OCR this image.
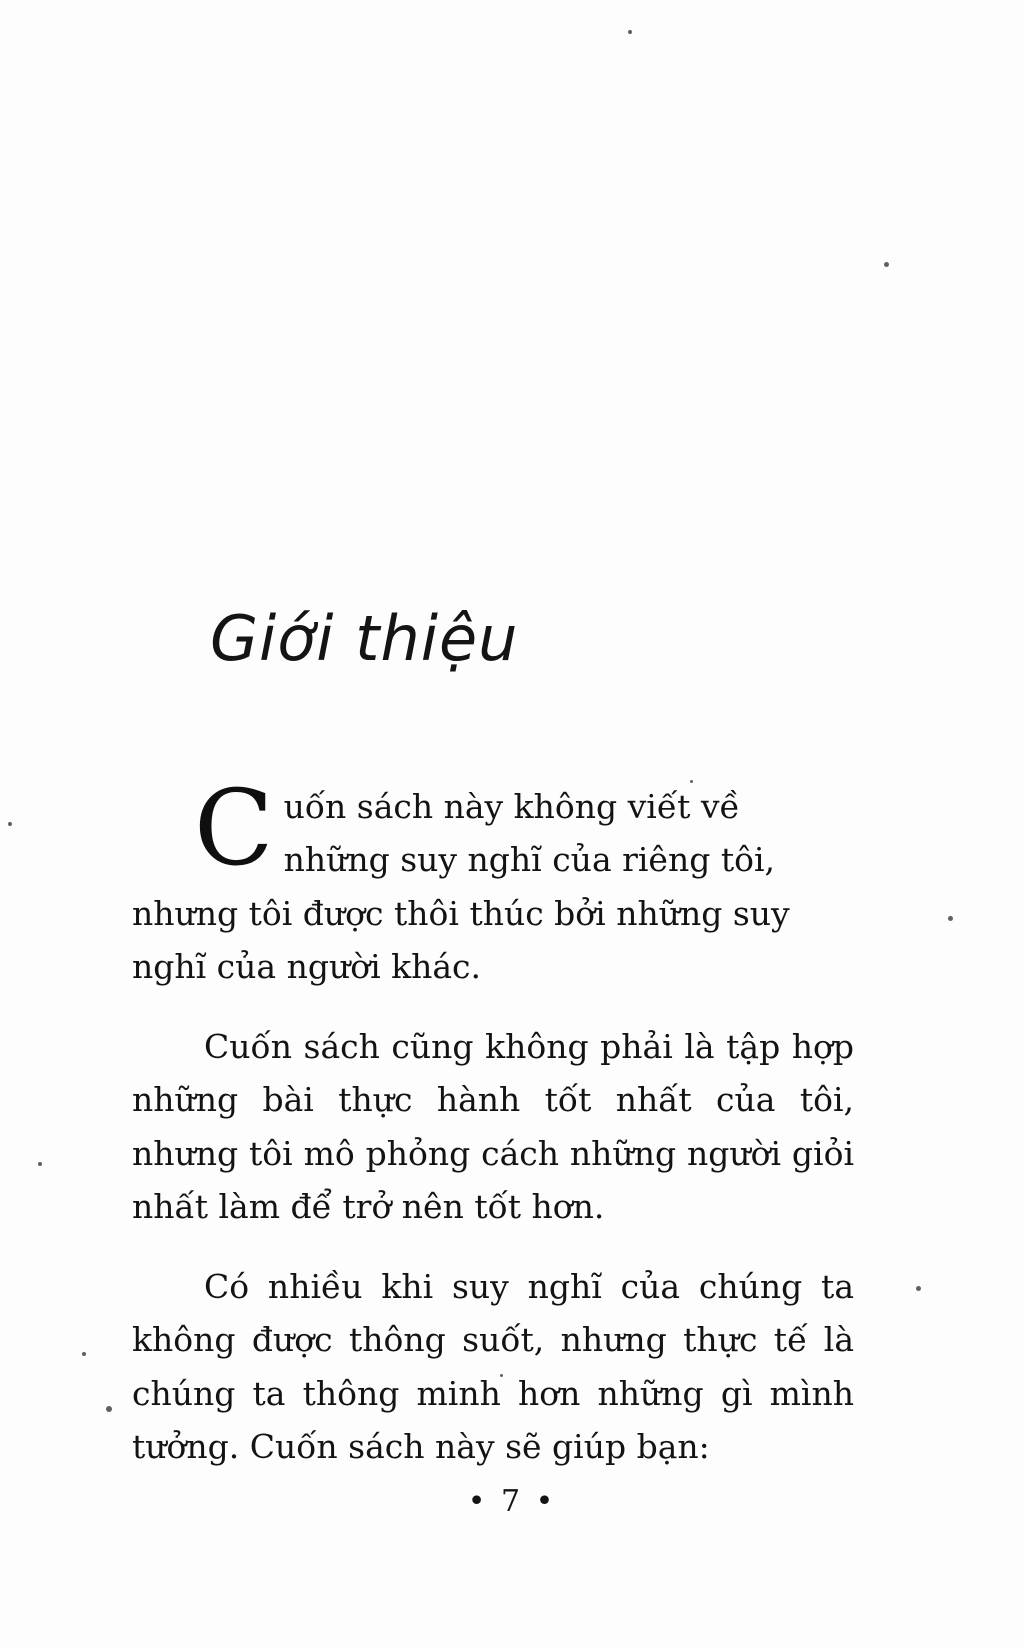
Giới thiệu
C uốn sách này không viết về những suy nghĩ của riêng tôi, nhưng tôi được thôi thúc bởi những suy nghĩ của người khác.

Cuốn sách cũng không phải là tập hợp những bài thực hành tốt nhất của tôi, nhưng tôi mô phỏng cách những người giỏi nhất làm để trở nên tốt hơn.

Có nhiều khi suy nghĩ của chúng ta không được thông suốt, nhưng thực tế là chúng ta thông minh hơn những gì mình tưởng. Cuốn sách này sẽ giúp bạn:

• 7 •
